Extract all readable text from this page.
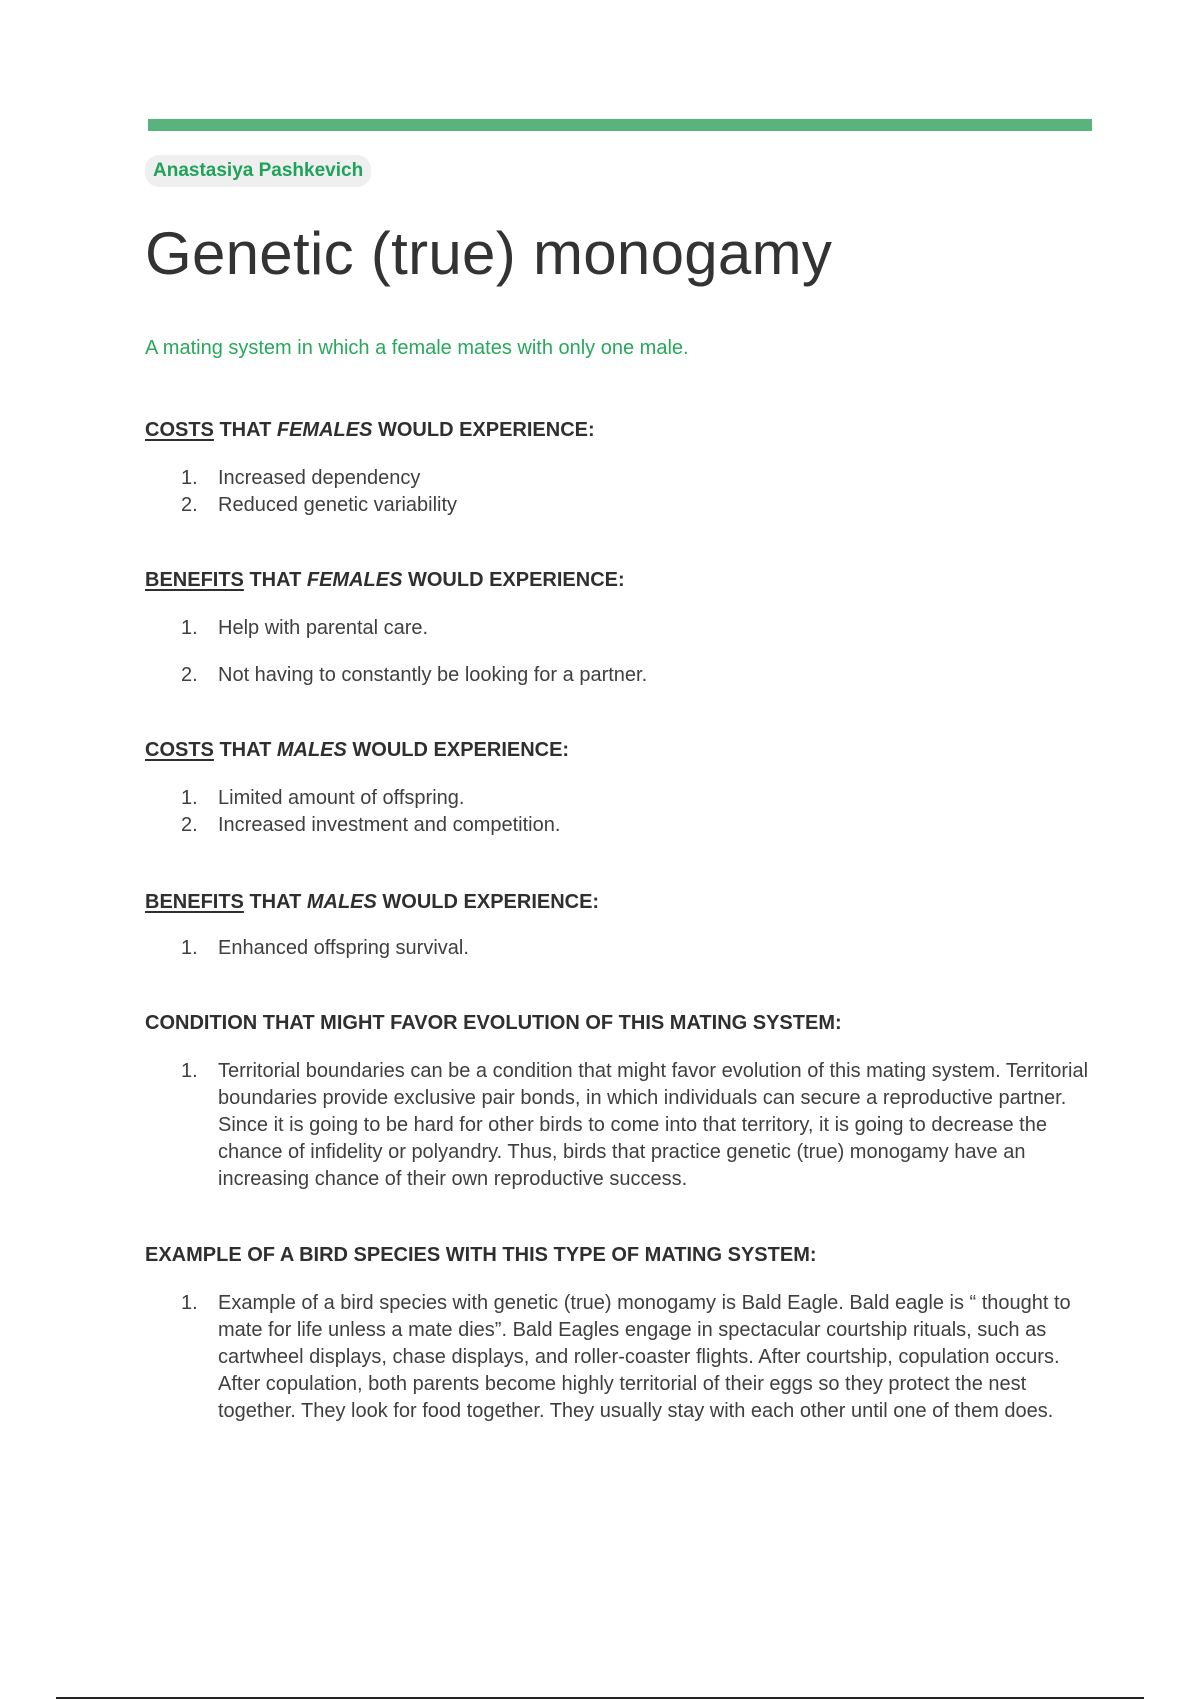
Anastasiya Pashkevich
Genetic (true) monogamy

A mating system in which a female mates with only one male.

COSTS THAT FEMALES WOULD EXPERIENCE:
1. Increased dependency
2. Reduced genetic variability
BENEFITS THAT FEMALES WOULD EXPERIENCE:
1. Help with parental care.
2. Not having to constantly be looking for a partner.
COSTS THAT MALES WOULD EXPERIENCE:
1. Limited amount of offspring.
2. Increased investment and competition.
BENEFITS THAT MALES WOULD EXPERIENCE:
1. Enhanced offspring survival.
CONDITION THAT MIGHT FAVOR EVOLUTION OF THIS MATING SYSTEM:
1. Territorial boundaries can be a condition that might favor evolution of this mating system. Territorial boundaries provide exclusive pair bonds, in which individuals can secure a reproductive partner. Since it is going to be hard for other birds to come into that territory, it is going to decrease the chance of infidelity or polyandry. Thus, birds that practice genetic (true) monogamy have an increasing chance of their own reproductive success.
EXAMPLE OF A BIRD SPECIES WITH THIS TYPE OF MATING SYSTEM:
1. Example of a bird species with genetic (true) monogamy is Bald Eagle. Bald eagle is “ thought to mate for life unless a mate dies”. Bald Eagles engage in spectacular courtship rituals, such as cartwheel displays, chase displays, and roller-coaster flights. After courtship, copulation occurs. After copulation, both parents become highly territorial of their eggs so they protect the nest together. They look for food together. They usually stay with each other until one of them does.
